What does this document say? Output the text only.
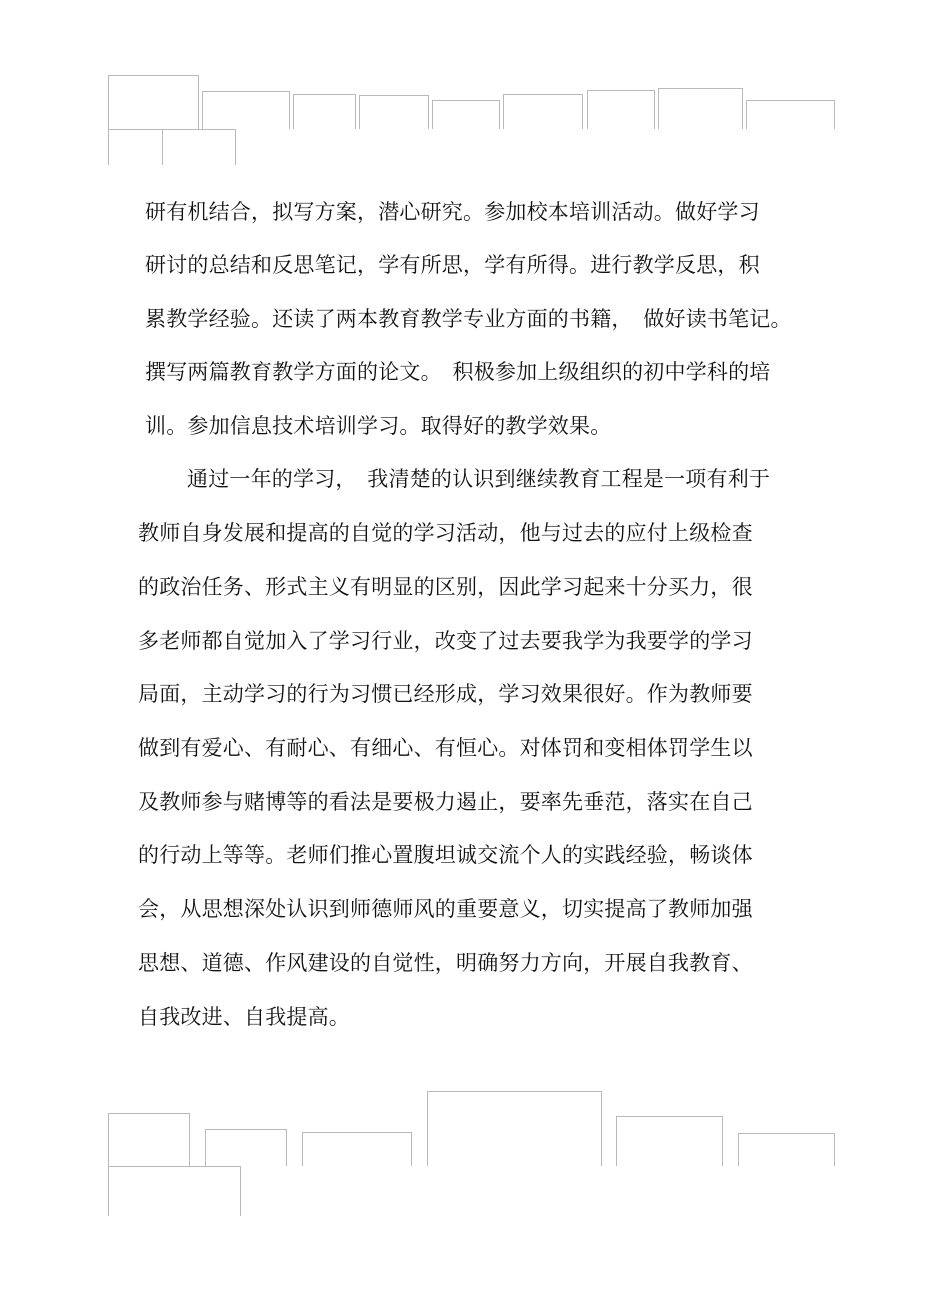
研有机结合，拟写方案，潜心研究。参加校本培训活动。做好学习
研讨的总结和反思笔记，学有所思，学有所得。进行教学反思，积
累教学经验。还读了两本教育教学专业方面的书籍，　做好读书笔记。
撰写两篇教育教学方面的论文。　积极参加上级组织的初中学科的培
训。参加信息技术培训学习。取得好的教学效果。
通过一年的学习，　我清楚的认识到继续教育工程是一项有利于
教师自身发展和提高的自觉的学习活动，他与过去的应付上级检查
的政治任务、形式主义有明显的区别，因此学习起来十分买力，很
多老师都自觉加入了学习行业，改变了过去要我学为我要学的学习
局面，主动学习的行为习惯已经形成，学习效果很好。作为教师要
做到有爱心、有耐心、有细心、有恒心。对体罚和变相体罚学生以
及教师参与赌博等的看法是要极力遏止，要率先垂范，落实在自己
的行动上等等。老师们推心置腹坦诚交流个人的实践经验，畅谈体
会，从思想深处认识到师德师风的重要意义，切实提高了教师加强
思想、道德、作风建设的自觉性，明确努力方向，开展自我教育、
自我改进、自我提高。
